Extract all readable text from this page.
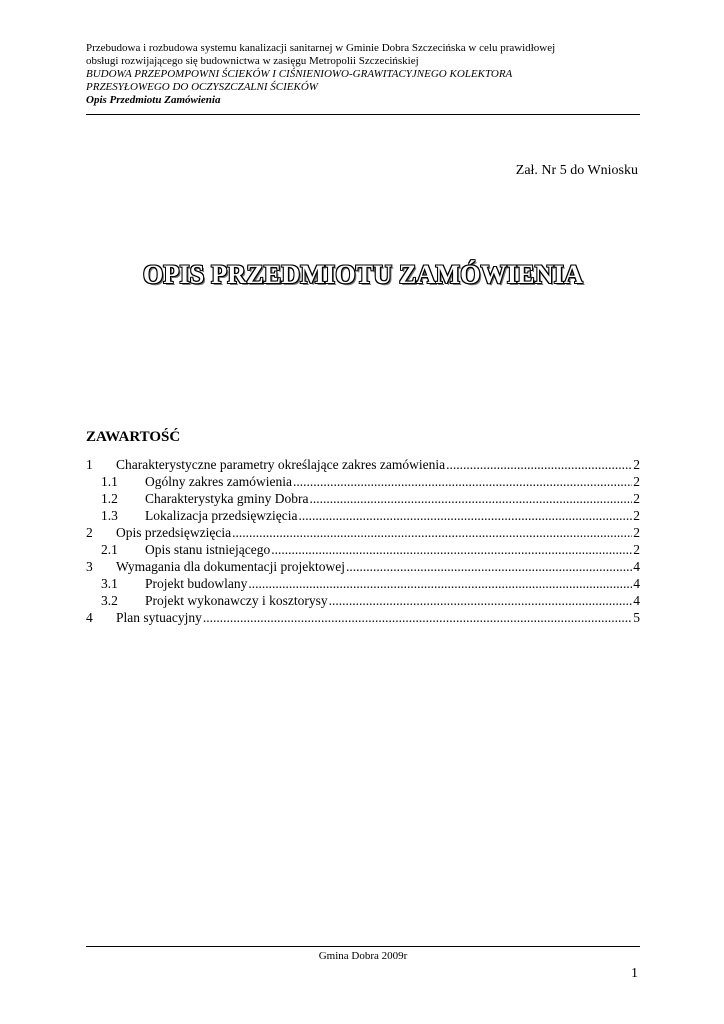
Przebudowa i rozbudowa systemu kanalizacji sanitarnej w Gminie Dobra Szczecińska w celu prawidłowej
obsługi rozwijającego się budownictwa w zasięgu Metropolii Szczecińskiej
BUDOWA PRZEPOMPOWNI ŚCIEKÓW I CIŚNIENIOWO-GRAWITACYJNEGO KOLEKTORA
PRZESYŁOWEGO DO OCZYSZCZALNI ŚCIEKÓW
Opis Przedmiotu Zamówienia
Zał. Nr 5 do Wniosku
OPIS PRZEDMIOTU ZAMÓWIENIA
ZAWARTOŚĆ
1	Charakterystyczne parametry określające zakres zamówienia .....	2
1.1	Ogólny zakres zamówienia .....	2
1.2	Charakterystyka gminy Dobra .....	2
1.3	Lokalizacja przedsięwzięcia .....	2
2	Opis przedsięwzięcia .....	2
2.1	Opis stanu istniejącego .....	2
3	Wymagania dla dokumentacji projektowej .....	4
3.1	Projekt budowlany .....	4
3.2	Projekt wykonawczy i kosztorysy .....	4
4	Plan sytuacyjny .....	5
Gmina Dobra 2009r
1
